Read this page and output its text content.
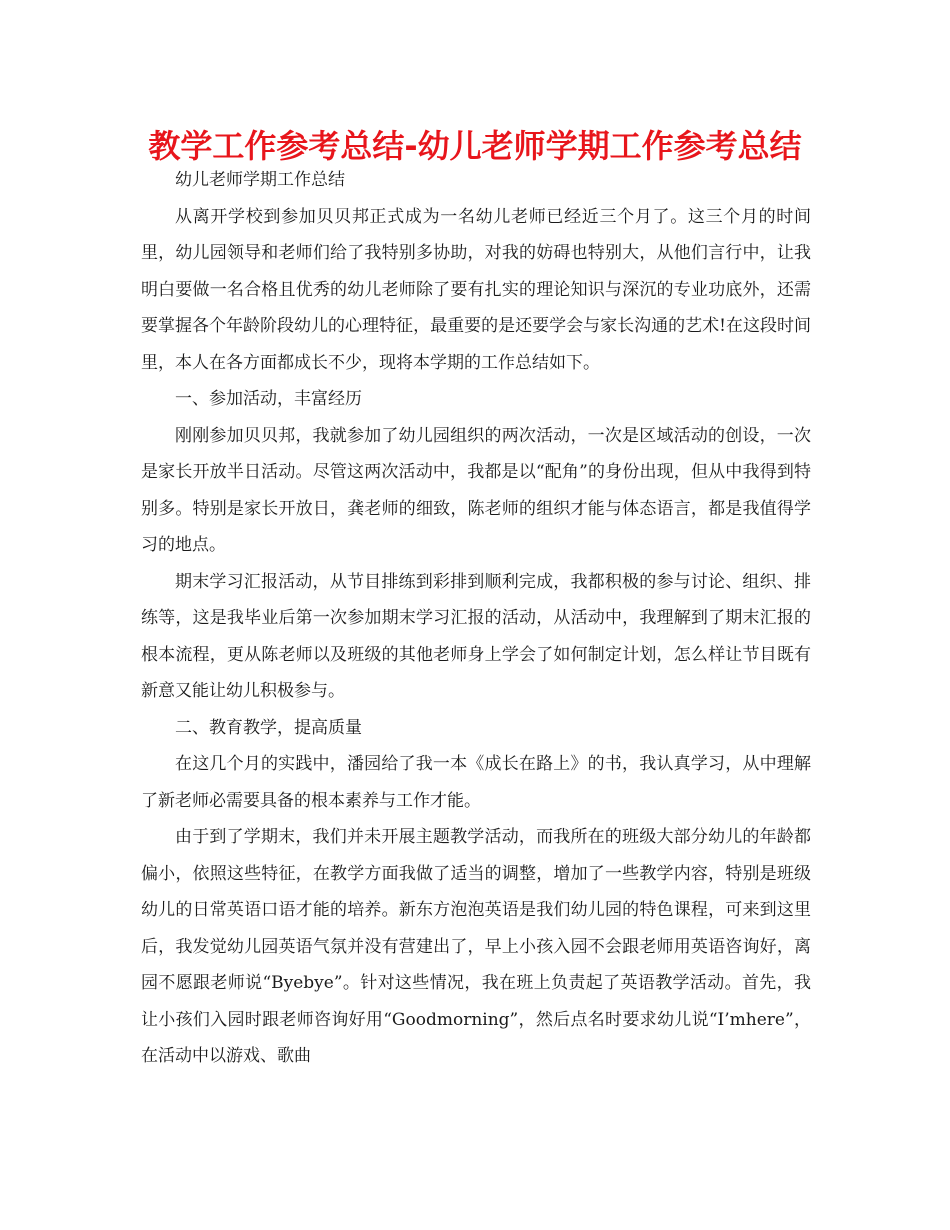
教学工作参考总结-幼儿老师学期工作参考总结

幼儿老师学期工作总结

从离开学校到参加贝贝邦正式成为一名幼儿老师已经近三个月了。这三个月的时间里，幼儿园领导和老师们给了我特别多协助，对我的妨碍也特别大，从他们言行中，让我明白要做一名合格且优秀的幼儿老师除了要有扎实的理论知识与深沉的专业功底外，还需要掌握各个年龄阶段幼儿的心理特征，最重要的是还要学会与家长沟通的艺术!在这段时间里，本人在各方面都成长不少，现将本学期的工作总结如下。

一、参加活动，丰富经历

刚刚参加贝贝邦，我就参加了幼儿园组织的两次活动，一次是区域活动的创设，一次是家长开放半日活动。尽管这两次活动中，我都是以“配角”的身份出现，但从中我得到特别多。特别是家长开放日，龚老师的细致，陈老师的组织才能与体态语言，都是我值得学习的地点。

期末学习汇报活动，从节目排练到彩排到顺利完成，我都积极的参与讨论、组织、排练等，这是我毕业后第一次参加期末学习汇报的活动，从活动中，我理解到了期末汇报的根本流程，更从陈老师以及班级的其他老师身上学会了如何制定计划，怎么样让节目既有新意又能让幼儿积极参与。

二、教育教学，提高质量

在这几个月的实践中，潘园给了我一本《成长在路上》的书，我认真学习，从中理解了新老师必需要具备的根本素养与工作才能。

由于到了学期末，我们并未开展主题教学活动，而我所在的班级大部分幼儿的年龄都偏小，依照这些特征，在教学方面我做了适当的调整，增加了一些教学内容，特别是班级幼儿的日常英语口语才能的培养。新东方泡泡英语是我们幼儿园的特色课程，可来到这里后，我发觉幼儿园英语气氛并没有营建出了，早上小孩入园不会跟老师用英语咨询好，离园不愿跟老师说“Byebye”。针对这些情况，我在班上负责起了英语教学活动。首先，我让小孩们入园时跟老师咨询好用“Goodmorning”，然后点名时要求幼儿说“I’mhere”，在活动中以游戏、歌曲
